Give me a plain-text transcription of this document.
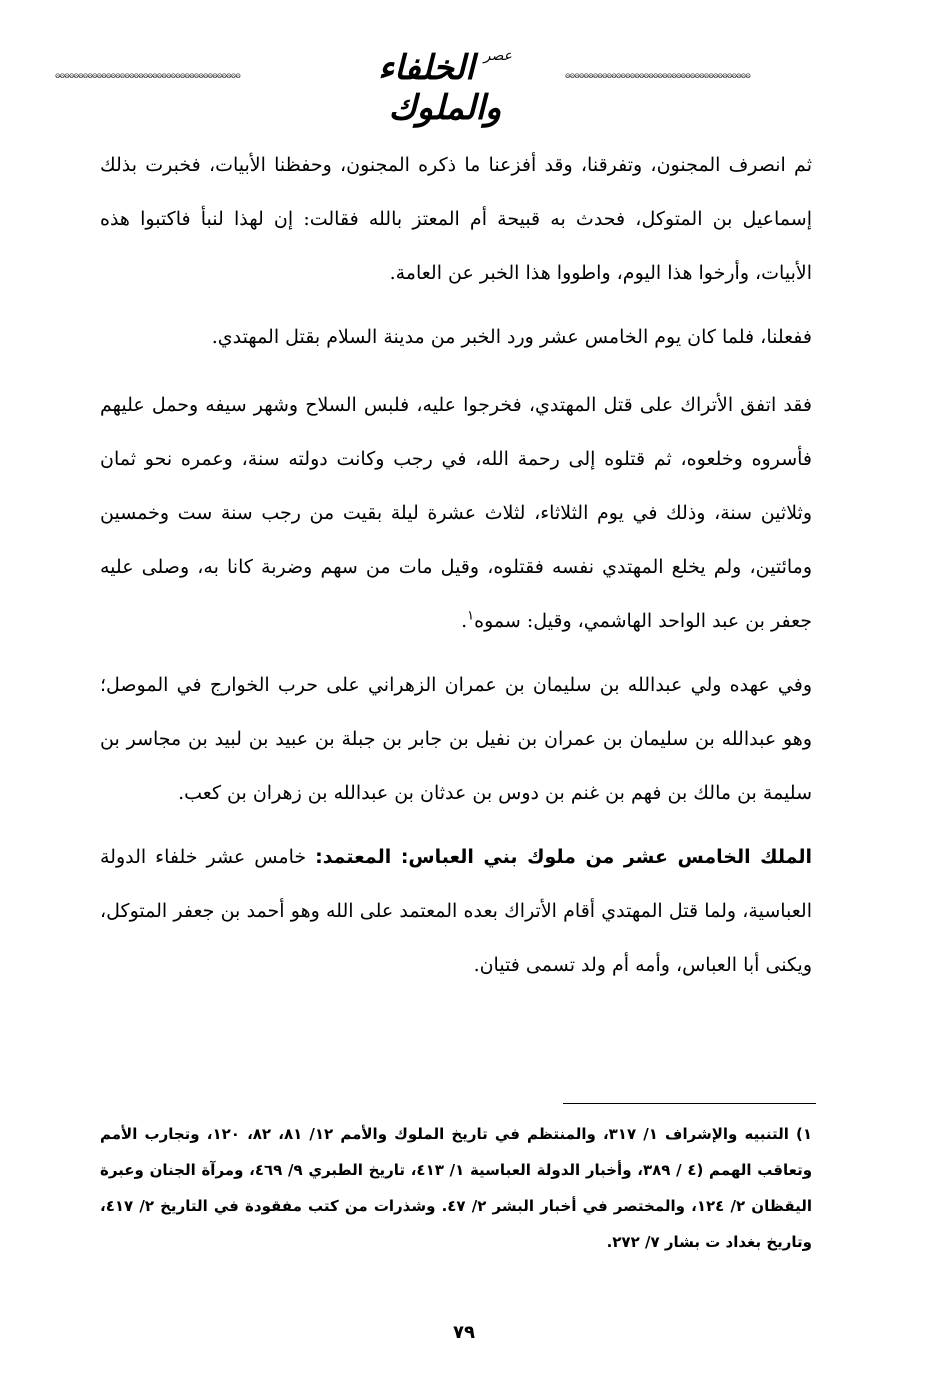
ဓဓဓဓဓဓဓဓဓဓဓဓဓဓဓဓဓဓဓဓဓဓဓဓဓဓဓဓဓဓဓဓဓဓဓဓဓဓဓဓ
عصر الخلفاء والملوك
ဓဓဓဓဓဓဓဓဓဓဓဓဓဓဓဓဓဓဓဓဓဓဓဓဓဓဓဓဓဓဓဓဓဓဓဓဓဓဓဓ

ثم انصرف المجنون، وتفرقنا، وقد أفزعنا ما ذكره المجنون، وحفظنا الأبيات، فخبرت بذلك إسماعيل بن المتوكل، فحدث به قبيحة أم المعتز بالله فقالت: إن لهذا لنبأ فاكتبوا هذه الأبيات، وأرخوا هذا اليوم، واطووا هذا الخبر عن العامة.

ففعلنا، فلما كان يوم الخامس عشر ورد الخبر من مدينة السلام بقتل المهتدي.

فقد اتفق الأتراك على قتل المهتدي، فخرجوا عليه، فلبس السلاح وشهر سيفه وحمل عليهم فأسروه وخلعوه، ثم قتلوه إلى رحمة الله، في رجب وكانت دولته سنة، وعمره نحو ثمان وثلاثين سنة، وذلك في يوم الثلاثاء، لثلاث عشرة ليلة بقيت من رجب سنة ست وخمسين ومائتين، ولم يخلع المهتدي نفسه فقتلوه، وقيل مات من سهم وضربة كانا به، وصلى عليه جعفر بن عبد الواحد الهاشمي، وقيل: سموه$^١$.

وفي عهده ولي عبدالله بن سليمان بن عمران الزهراني على حرب الخوارج في الموصل؛ وهو عبدالله بن سليمان بن عمران بن نفيل بن جابر بن جبلة بن عبيد بن لبيد بن مجاسر بن سليمة بن مالك بن فهم بن غنم بن دوس بن عدثان بن عبدالله بن زهران بن كعب.

الملك الخامس عشر من ملوك بني العباس: المعتمد: خامس عشر خلفاء الدولة العباسية، ولما قتل المهتدي أقام الأتراك بعده المعتمد على الله وهو أحمد بن جعفر المتوكل، ويكنى أبا العباس، وأمه أم ولد تسمى فتيان.

١) التنبيه والإشراف ١/ ٣١٧، والمنتظم في تاريخ الملوك والأمم ١٢/ ٨١، ٨٢، ١٢٠، وتجارب الأمم وتعاقب الهمم (٤ / ٣٨٩، وأخبار الدولة العباسية ١/ ٤١٣، تاريخ الطبري ٩/ ٤٦٩، ومرآة الجنان وعبرة اليقظان ٢/ ١٢٤، والمختصر في أخبار البشر ٢/ ٤٧. وشذرات من كتب مفقودة في التاريخ ٢/ ٤١٧، وتاريخ بغداد ت بشار ٧/ ٢٧٢.
٧٩
